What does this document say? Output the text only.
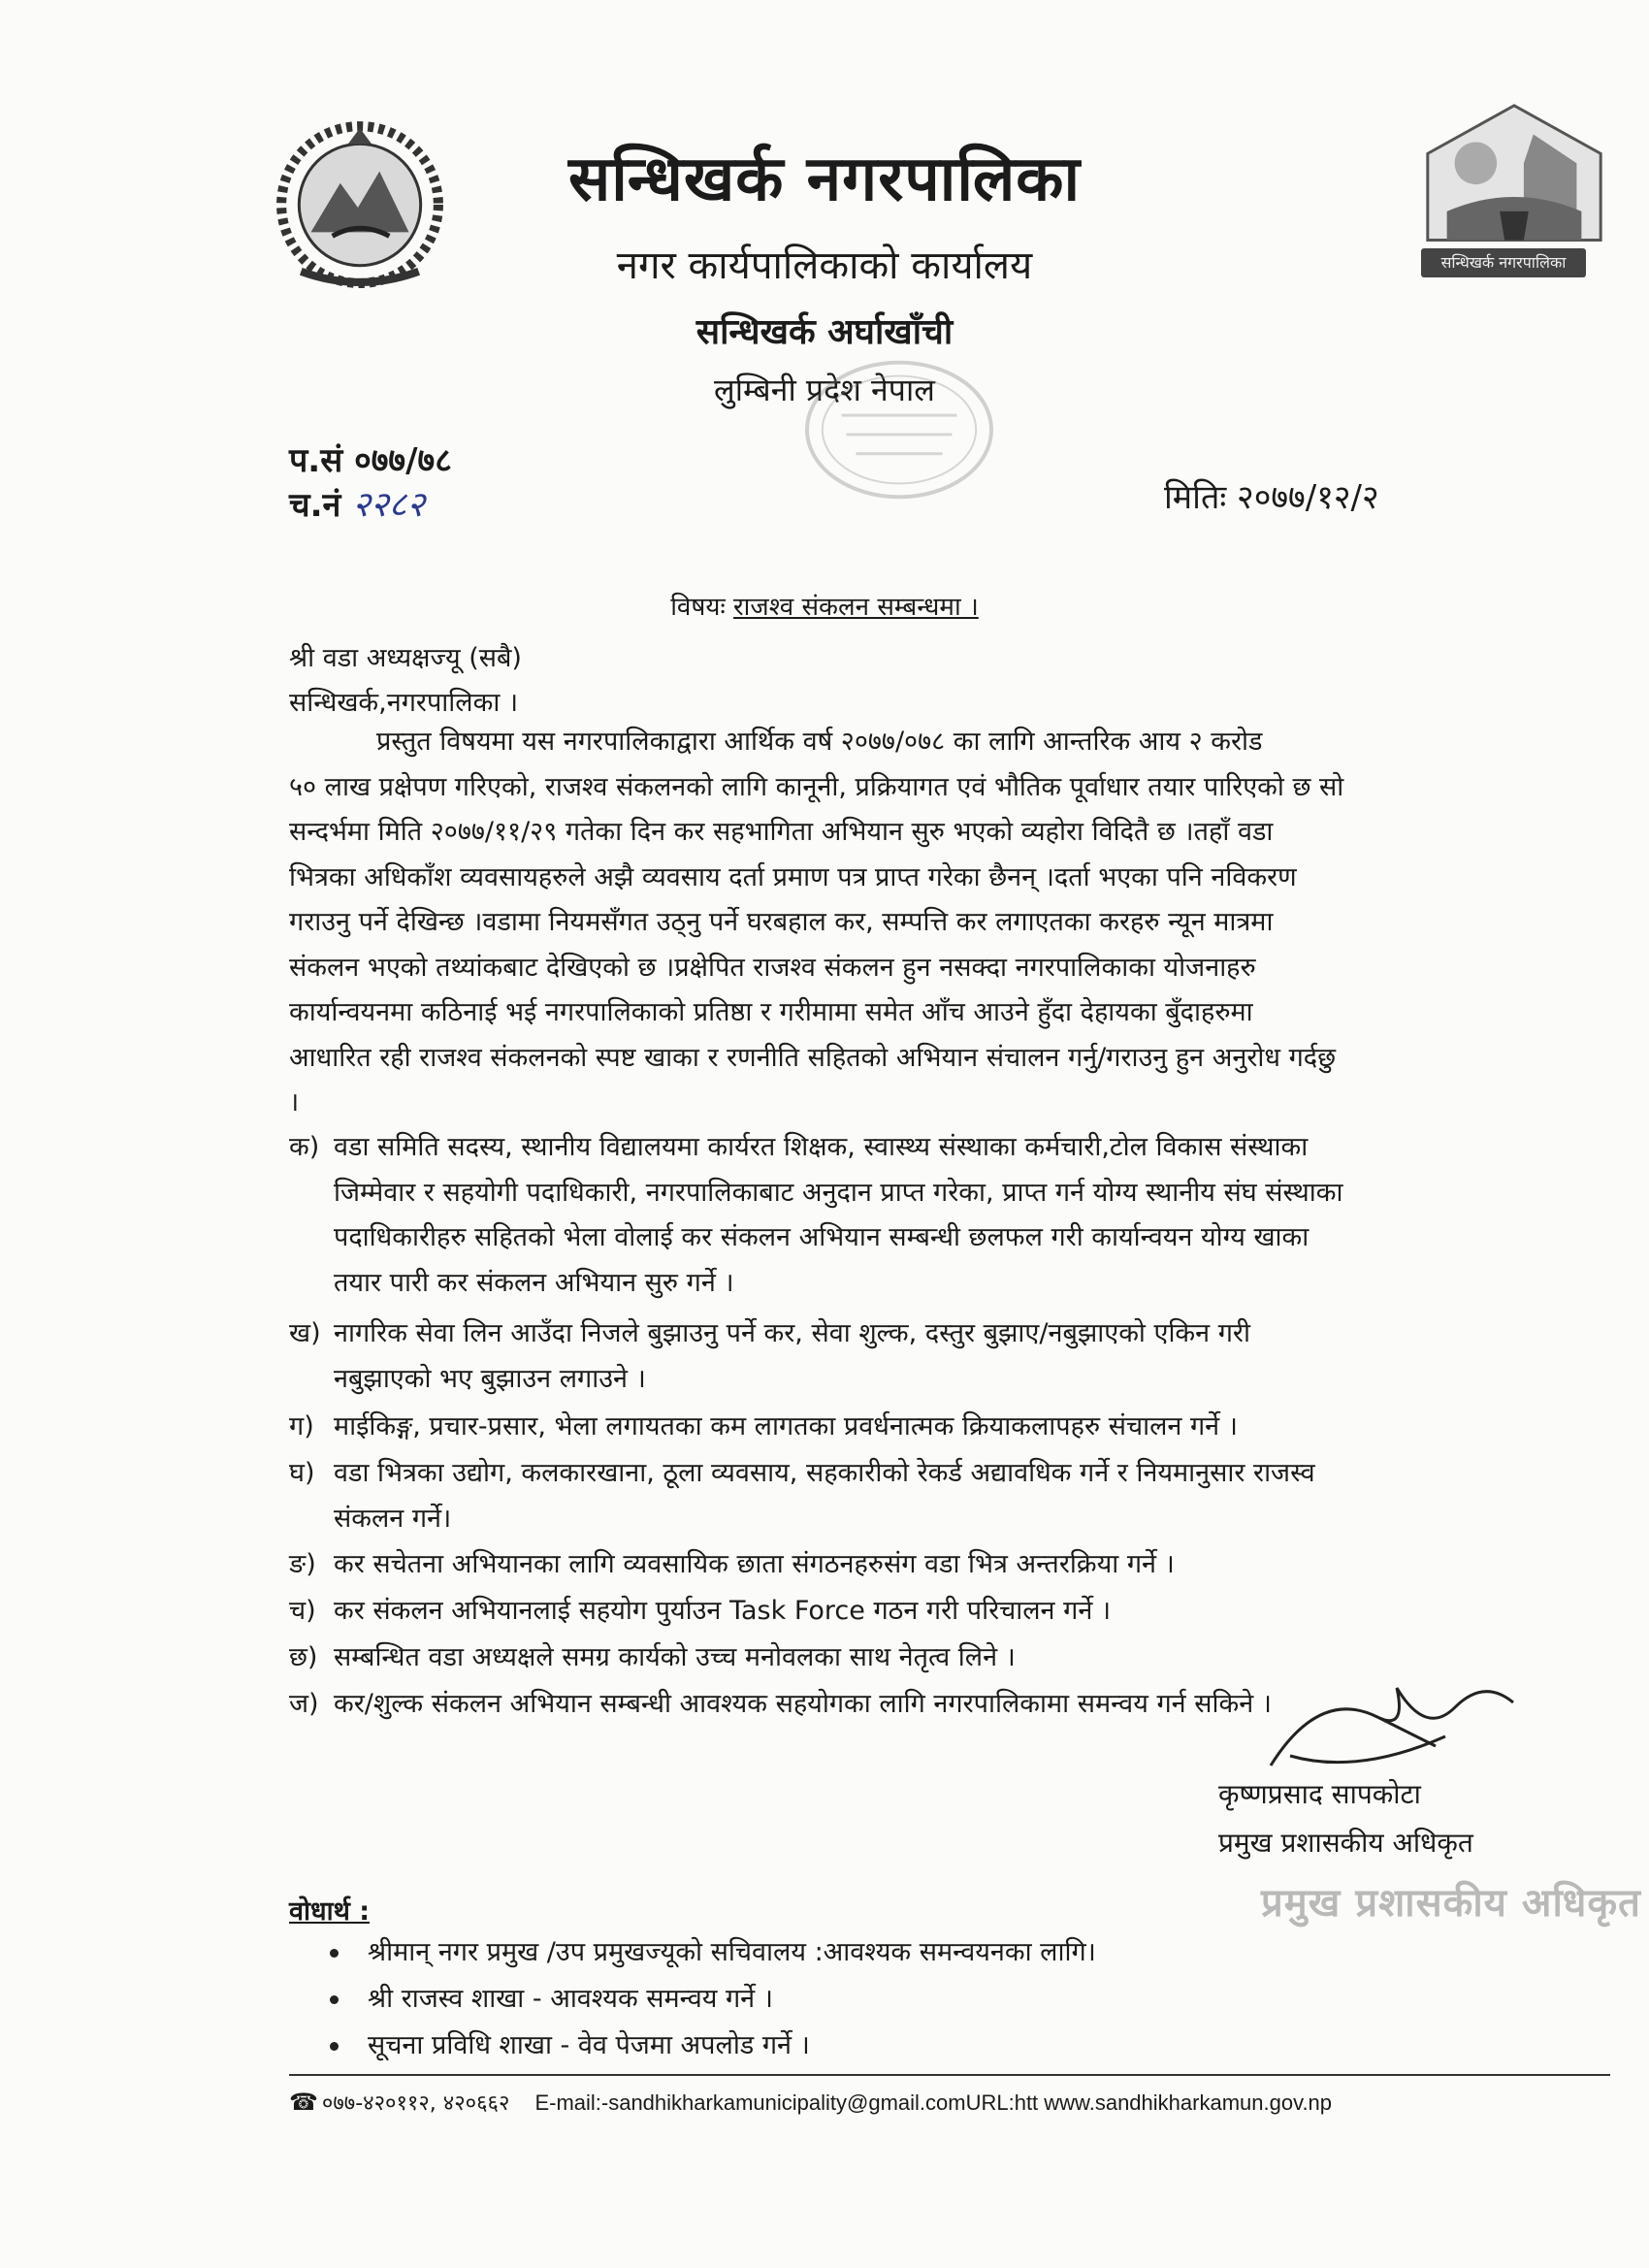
सन्धिखर्क नगरपालिका
सन्धिखर्क नगरपालिका
नगर कार्यपालिकाको कार्यालय
सन्धिखर्क अर्घाखाँची
लुम्बिनी प्रदेश नेपाल
प.सं ०७७/७८
च.नं २२८२	मितिः २०७७/१२/२
विषयः राजश्व संकलन सम्बन्धमा ।
श्री वडा अध्यक्षज्यू (सबै)
सन्धिखर्क,नगरपालिका ।
प्रस्तुत विषयमा यस नगरपालिकाद्वारा आर्थिक वर्ष २०७७/०७८ का लागि आन्तरिक आय २ करोड
५० लाख प्रक्षेपण गरिएको, राजश्व संकलनको लागि कानूनी, प्रक्रियागत एवं भौतिक पूर्वाधार तयार पारिएको छ सो
सन्दर्भमा मिति २०७७/११/२९ गतेका दिन कर सहभागिता अभियान सुरु भएको व्यहोरा विदितै छ ।तहाँ वडा
भित्रका अधिकाँश व्यवसायहरुले अझै व्यवसाय दर्ता प्रमाण पत्र प्राप्त गरेका छैनन् ।दर्ता भएका पनि नविकरण
गराउनु पर्ने देखिन्छ ।वडामा नियमसँगत उठ्नु पर्ने घरबहाल कर, सम्पत्ति कर लगाएतका करहरु न्यून मात्रमा
संकलन भएको तथ्यांकबाट देखिएको छ ।प्रक्षेपित राजश्व संकलन हुन नसक्दा नगरपालिकाका योजनाहरु
कार्यान्वयनमा कठिनाई भई नगरपालिकाको प्रतिष्ठा र गरीमामा समेत आँच आउने हुँदा देहायका बुँदाहरुमा
आधारित रही राजश्व संकलनको स्पष्ट खाका र रणनीति सहितको अभियान संचालन गर्नु/गराउनु हुन अनुरोध गर्दछु
।
क) वडा समिति सदस्य, स्थानीय विद्यालयमा कार्यरत शिक्षक, स्वास्थ्य संस्थाका कर्मचारी,टोल विकास संस्थाका
जिम्मेवार र सहयोगी पदाधिकारी, नगरपालिकाबाट अनुदान प्राप्त गरेका, प्राप्त गर्न योग्य स्थानीय संघ संस्थाका
पदाधिकारीहरु सहितको भेला वोलाई कर संकलन अभियान सम्बन्धी छलफल गरी कार्यान्वयन योग्य खाका
तयार पारी कर संकलन अभियान सुरु गर्ने ।
ख) नागरिक सेवा लिन आउँदा निजले बुझाउनु पर्ने कर, सेवा शुल्क, दस्तुर बुझाए/नबुझाएको एकिन गरी
नबुझाएको भए बुझाउन लगाउने ।
ग) माईकिङ्ग, प्रचार-प्रसार, भेला लगायतका कम लागतका प्रवर्धनात्मक क्रियाकलापहरु संचालन गर्ने ।
घ) वडा भित्रका उद्योग, कलकारखाना, ठूला व्यवसाय, सहकारीको रेकर्ड अद्यावधिक गर्ने र नियमानुसार राजस्व
संकलन गर्ने।
ङ) कर सचेतना अभियानका लागि व्यवसायिक छाता संगठनहरुसंग वडा भित्र अन्तरक्रिया गर्ने ।
च) कर संकलन अभियानलाई सहयोग पुर्याउन Task Force गठन गरी परिचालन गर्ने ।
छ) सम्बन्धित वडा अध्यक्षले समग्र कार्यको उच्च मनोवलका साथ नेतृत्व लिने ।
ज) कर/शुल्क संकलन अभियान सम्बन्धी आवश्यक सहयोगका लागि नगरपालिकामा समन्वय गर्न सकिने ।
कृष्णप्रसाद सापकोटा
प्रमुख प्रशासकीय अधिकृत
प्रमुख प्रशासकीय अधिकृत
वोधार्थ :
श्रीमान् नगर प्रमुख /उप प्रमुखज्यूको सचिवालय :आवश्यक समन्वयनका लागि।
श्री राजस्व शाखा - आवश्यक समन्वय गर्ने ।
सूचना प्रविधि शाखा - वेव पेजमा अपलोड गर्ने ।
☎ ०७७-४२०११२, ४२०६६२ E-mail:-sandhikharkamunicipality@gmail.comURL:htt www.sandhikharkamun.gov.np
